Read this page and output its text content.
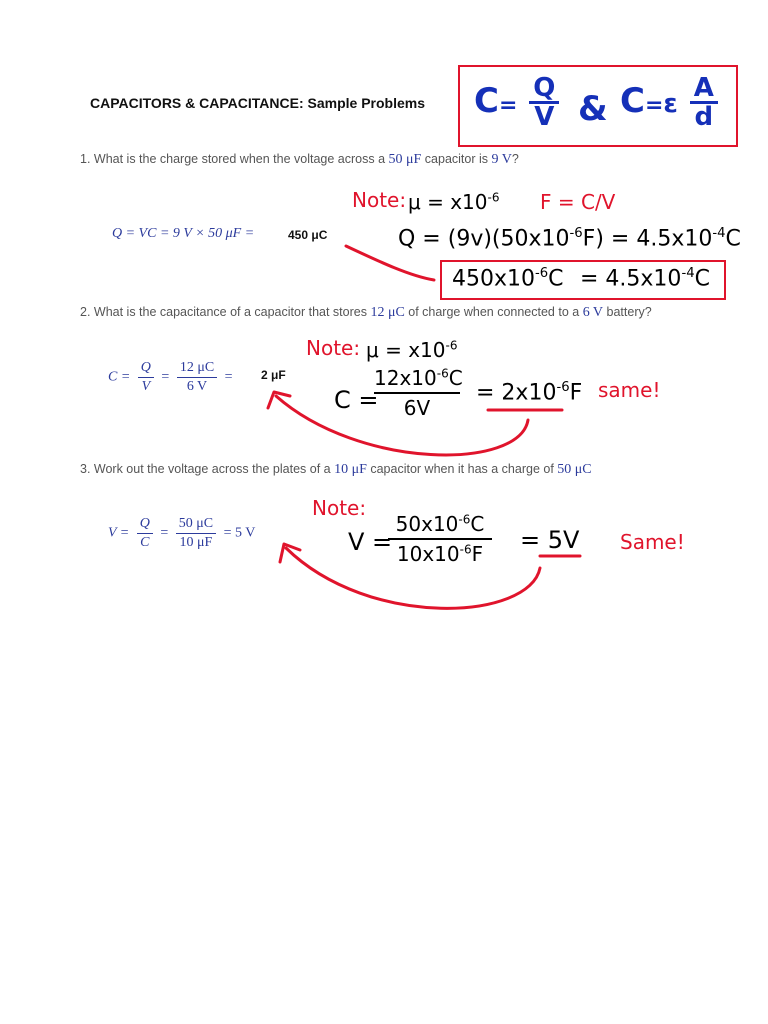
CAPACITORS & CAPACITANCE: Sample Problems $C= \frac{Q}{V}$ & $C=\varepsilon \frac{A}{d}$
1. What is the charge stored when the voltage across a 50 μF capacitor is 9 V?
Q = VC = 9 V × 50 μF =	450 μC
Note: $\mu = x10^{-6}$ F = C/V
$Q = (9v)(50x10^{-6}F) = 4.5x10^{-4}C$
$450x10^{-6}C = 4.5x10^{-4}C$
2. What is the capacitance of a capacitor that stores 12 μC of charge when connected to a 6 V battery?
$C = \frac{Q}{V} = \frac{12 \mu C}{6 V} = 2$ μF
Note: $\mu = x10^{-6}$
C =
$12x10^{-6}C$
6V
= $2x10^{-6}F$ same!
3. Work out the voltage across the plates of a 10 μF capacitor when it has a charge of 50 μC
$V = \frac{Q}{C} = \frac{50 \mu C}{10 \mu F} = 5$ V
Note:
V =
$50x10^{-6}C$
$10x10^{-6}F$	= 5V Same!
